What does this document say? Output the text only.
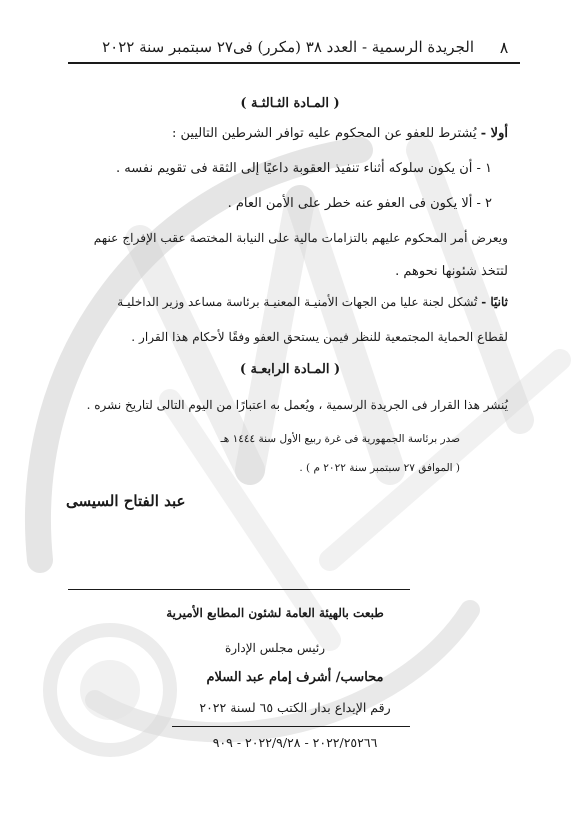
٨
الجريدة الرسمية - العدد ٣٨ (مكرر) فى٢٧ سبتمبر سنة ٢٠٢٢
( المـادة الثـالثـة )
أولا - يُشترط للعفو عن المحكوم عليه توافر الشرطين التاليين :
١ - أن يكون سلوكه أثناء تنفيذ العقوبة داعيًا إلى الثقة فى تقويم نفسه .
٢ - ألا يكون فى العفو عنه خطر على الأمن العام .
ويعرض أمر المحكوم عليهم بالتزامات مالية على النيابة المختصة عقب الإفراج عنهم
لتتخذ شئونها نحوهم .
ثانيًا - تُشكل لجنة عليا من الجهات الأمنيـة المعنيـة برئاسة مساعد وزير الداخليـة
لقطاع الحماية المجتمعية للنظر فيمن يستحق العفو وفقًا لأحكام هذا القرار .
( المـادة الرابعـة )
يُنشر هذا القرار فى الجريدة الرسمية ، ويُعمل به اعتبارًا من اليوم التالى لتاريخ نشره .
صدر برئاسة الجمهورية فى غرة ربيع الأول سنة ١٤٤٤ هـ
( الموافق ٢٧ سبتمبر سنة ٢٠٢٢ م ) .
عبد الفتاح السيسى
طبعت بالهيئة العامة لشئون المطابع الأميرية
رئيس مجلس الإدارة
محاسب/ أشرف إمام عبد السلام
رقم الإيداع بدار الكتب ٦٥ لسنة ٢٠٢٢
٢٠٢٢/٢٥٢٦٦ - ٢٠٢٢/٩/٢٨ - ٩٠٩
